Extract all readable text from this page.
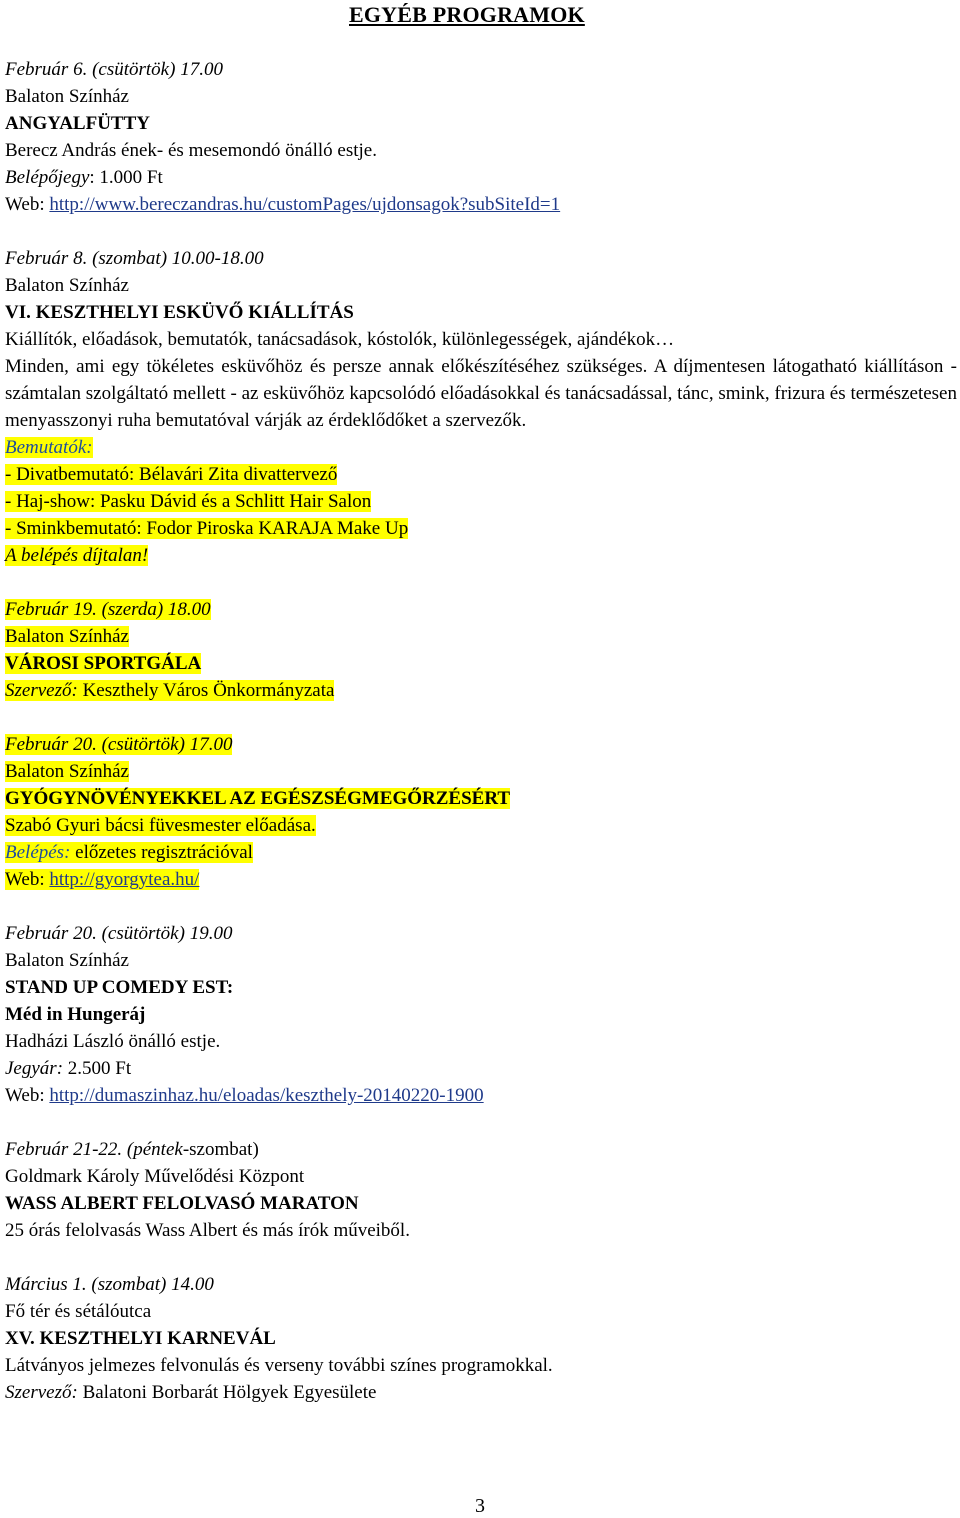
EGYÉB PROGRAMOK
Február 6. (csütörtök) 17.00
Balaton Színház
ANGYALFÜTTY
Berecz András ének- és mesemondó önálló estje.
Belépőjegy: 1.000 Ft
Web: http://www.bereczandras.hu/customPages/ujdonsagok?subSiteId=1
Február 8. (szombat) 10.00-18.00
Balaton Színház
VI. KESZTHELYI ESKÜVŐ KIÁLLÍTÁS
Kiállítók, előadások, bemutatók, tanácsadások, kóstolók, különlegességek, ajándékok…
Minden, ami egy tökéletes esküvőhöz és persze annak előkészítéséhez szükséges. A díjmentesen látogatható kiállításon - számtalan szolgáltató mellett - az esküvőhöz kapcsolódó előadásokkal és tanácsadással, tánc, smink, frizura és természetesen menyasszonyi ruha bemutatóval várják az érdeklődőket a szervezők.
Bemutatók:
- Divatbemutató: Bélavári Zita divattervező
- Haj-show: Pasku Dávid és a Schlitt Hair Salon
- Sminkbemutató: Fodor Piroska KARAJA Make Up
A belépés díjtalan!
Február 19. (szerda) 18.00
Balaton Színház
VÁROSI SPORTGÁLA
Szervező: Keszthely Város Önkormányzata
Február 20. (csütörtök) 17.00
Balaton Színház
GYÓGYNÖVÉNYEKKEL AZ EGÉSZSÉGMEGŐRZÉSÉRT
Szabó Gyuri bácsi füvesmester előadása.
Belépés: előzetes regisztrációval
Web: http://gyorgytea.hu/
Február 20. (csütörtök) 19.00
Balaton Színház
STAND UP COMEDY EST:
Méd in Hungeráj
Hadházi László önálló estje.
Jegyár: 2.500 Ft
Web: http://dumaszinhaz.hu/eloadas/keszthely-20140220-1900
Február 21-22. (péntek-szombat)
Goldmark Károly Művelődési Központ
WASS ALBERT FELOLVASÓ MARATON
25 órás felolvasás Wass Albert és más írók műveiből.
Március 1. (szombat) 14.00
Fő tér és sétálóutca
XV. KESZTHELYI KARNEVÁL
Látványos jelmezes felvonulás és verseny további színes programokkal.
Szervező: Balatoni Borbarát Hölgyek Egyesülete
3
